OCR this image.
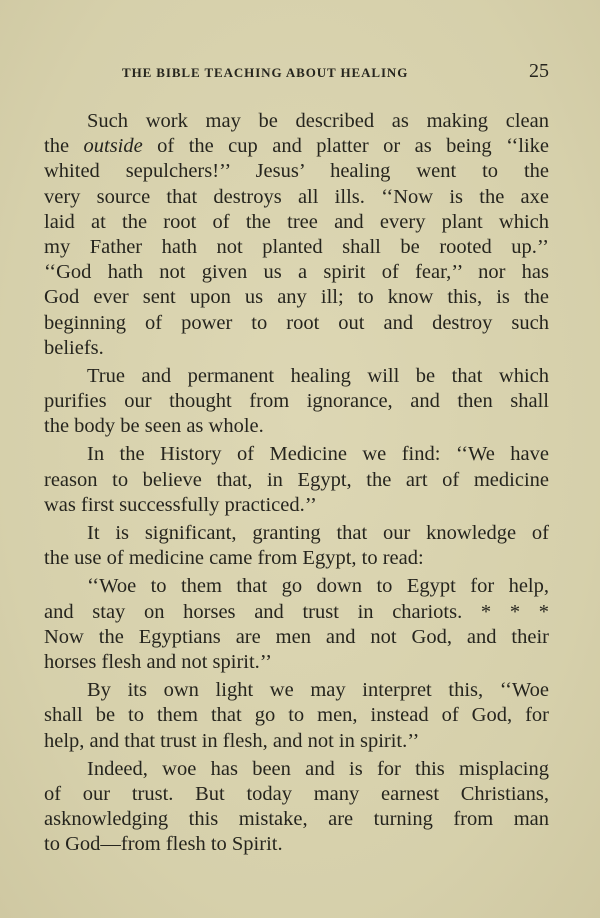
THE BIBLE TEACHING ABOUT HEALING	25
Such work may be described as making clean
the outside of the cup and platter or as being ‘‘like
whited sepulchers!’’ Jesus’ healing went to the
very source that destroys all ills. ‘‘Now is the axe
laid at the root of the tree and every plant which
my Father hath not planted shall be rooted up.’’
‘‘God hath not given us a spirit of fear,’’ nor has
God ever sent upon us any ill; to know this, is the
beginning of power to root out and destroy such
beliefs.
True and permanent healing will be that which
purifies our thought from ignorance, and then shall
the body be seen as whole.
In the History of Medicine we find: ‘‘We have
reason to believe that, in Egypt, the art of medicine
was first successfully practiced.’’
It is significant, granting that our knowledge of
the use of medicine came from Egypt, to read:
‘‘Woe to them that go down to Egypt for help,
and stay on horses and trust in chariots. * * *
Now the Egyptians are men and not God, and their
horses flesh and not spirit.’’
By its own light we may interpret this, ‘‘Woe
shall be to them that go to men, instead of God, for
help, and that trust in flesh, and not in spirit.’’
Indeed, woe has been and is for this misplacing
of our trust. But today many earnest Christians,
asknowledging this mistake, are turning from man
to God—from flesh to Spirit.
